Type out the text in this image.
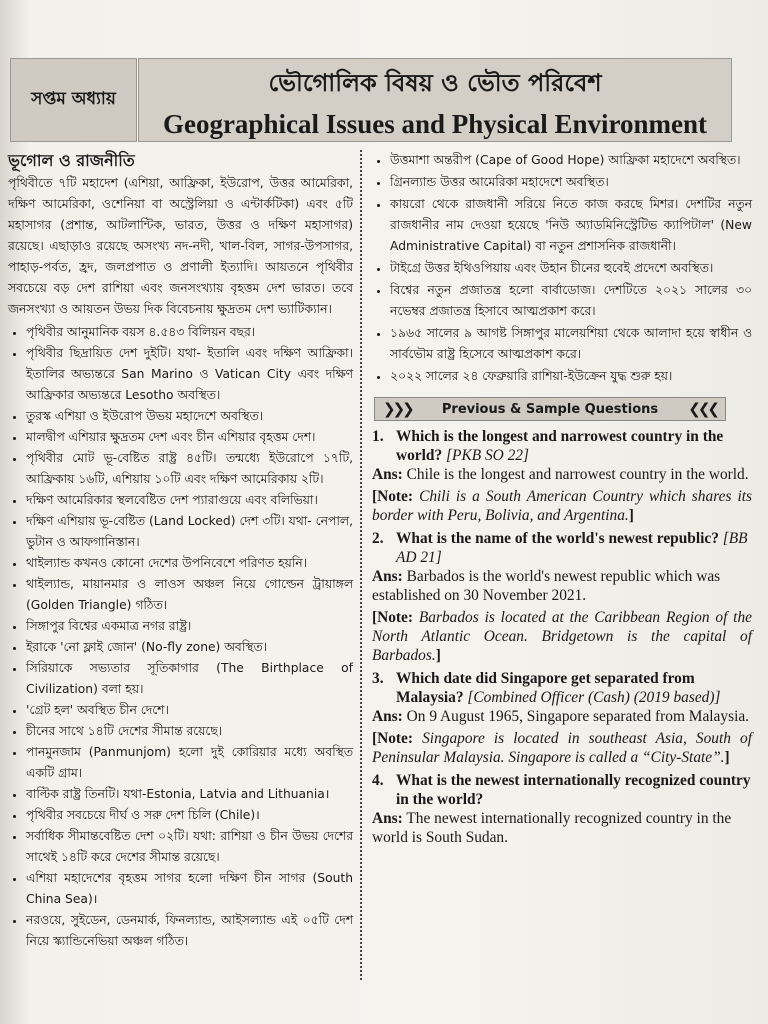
সপ্তম অধ্যায়
ভৌগোলিক বিষয় ও ভৌত পরিবেশ
Geographical Issues and Physical Environment
ভূগোল ও রাজনীতি

পৃথিবীতে ৭টি মহাদেশ (এশিয়া, আফ্রিকা, ইউরোপ, উত্তর আমেরিকা, দক্ষিণ আমেরিকা, ওশেনিয়া বা অস্ট্রেলিয়া ও এন্টার্কটিকা) এবং ৫টি মহাসাগর (প্রশান্ত, আটলান্টিক, ভারত, উত্তর ও দক্ষিণ মহাসাগর) রয়েছে। এছাড়াও রয়েছে অসংখ্য নদ-নদী, খাল-বিল, সাগর-উপসাগর, পাহাড়-পর্বত, হ্রদ, জলপ্রপাত ও প্রণালী ইত্যাদি। আয়তনে পৃথিবীর সবচেয়ে বড় দেশ রাশিয়া এবং জনসংখ্যায় বৃহত্তম দেশ ভারত। তবে জনসংখ্যা ও আয়তন উভয় দিক বিবেচনায় ক্ষুদ্রতম দেশ ভ্যাটিক্যান।

• পৃথিবীর আনুমানিক বয়স ৪.৫৪৩ বিলিয়ন বছর।
• পৃথিবীর ছিদ্রায়িত দেশ দুইটি। যথা- ইতালি এবং দক্ষিণ আফ্রিকা। ইতালির অভ্যন্তরে San Marino ও Vatican City এবং দক্ষিণ আফ্রিকার অভ্যন্তরে Lesotho অবস্থিত।
• তুরস্ক এশিয়া ও ইউরোপ উভয় মহাদেশে অবস্থিত।
• মালদ্বীপ এশিয়ার ক্ষুদ্রতম দেশ এবং চীন এশিয়ার বৃহত্তম দেশ।
• পৃথিবীর মোট ভূ-বেষ্টিত রাষ্ট্র ৪৫টি। তন্মধ্যে ইউরোপে ১৭টি, আফ্রিকায় ১৬টি, এশিয়ায় ১০টি এবং দক্ষিণ আমেরিকায় ২টি।
• দক্ষিণ আমেরিকার স্থলবেষ্টিত দেশ প্যারাগুয়ে এবং বলিভিয়া।
• দক্ষিণ এশিয়ায় ভূ-বেষ্টিত (Land Locked) দেশ ৩টি। যথা- নেপাল, ভুটান ও আফগানিস্তান।
• থাইল্যান্ড কখনও কোনো দেশের উপনিবেশে পরিণত হয়নি।
• থাইল্যান্ড, মায়ানমার ও লাওস অঞ্চল নিয়ে গোল্ডেন ট্রায়াঙ্গল (Golden Triangle) গঠিত।
• সিঙ্গাপুর বিশ্বের একমাত্র নগর রাষ্ট্র।
• ইরাকে 'নো ফ্লাই জোন' (No-fly zone) অবস্থিত।
• সিরিয়াকে সভ্যতার সূতিকাগার (The Birthplace of Civilization) বলা হয়।
• 'গ্রেট হল' অবস্থিত চীন দেশে।
• চীনের সাথে ১৪টি দেশের সীমান্ত রয়েছে।
• পানমুনজাম (Panmunjom) হলো দুই কোরিয়ার মধ্যে অবস্থিত একটি গ্রাম।
• বাল্টিক রাষ্ট্র তিনটি। যথা-Estonia, Latvia and Lithuania।
• পৃথিবীর সবচেয়ে দীর্ঘ ও সরু দেশ চিলি (Chile)।
• সর্বাধিক সীমান্তবেষ্টিত দেশ ০২টি। যথা: রাশিয়া ও চীন উভয় দেশের সাথেই ১৪টি করে দেশের সীমান্ত রয়েছে।
• এশিয়া মহাদেশের বৃহত্তম সাগর হলো দক্ষিণ চীন সাগর (South China Sea)।
• নরওয়ে, সুইডেন, ডেনমার্ক, ফিনল্যান্ড, আইসল্যান্ড এই ০৫টি দেশ নিয়ে স্ক্যান্ডিনেভিয়া অঞ্চল গঠিত।
• উত্তমাশা অন্তরীপ (Cape of Good Hope) আফ্রিকা মহাদেশে অবস্থিত।
• গ্রিনল্যান্ড উত্তর আমেরিকা মহাদেশে অবস্থিত।
• কায়রো থেকে রাজধানী সরিয়ে নিতে কাজ করছে মিশর। দেশটির নতুন রাজধানীর নাম দেওয়া হয়েছে 'নিউ অ্যাডমিনিস্ট্রেটিভ ক্যাপিটাল' (New Administrative Capital) বা নতুন প্রশাসনিক রাজধানী।
• টাইগ্রে উত্তর ইথিওপিয়ায় এবং উহান চীনের হুবেই প্রদেশে অবস্থিত।
• বিশ্বের নতুন প্রজাতন্ত্র হলো বার্বাডোজ। দেশটিতে ২০২১ সালের ৩০ নভেম্বর প্রজাতন্ত্র হিসাবে আত্মপ্রকাশ করে।
• ১৯৬৫ সালের ৯ আগষ্ট সিঙ্গাপুর মালেয়শিয়া থেকে আলাদা হয়ে স্বাধীন ও সার্বভৌম রাষ্ট্র হিসেবে আত্মপ্রকাশ করে।
• ২০২২ সালের ২৪ ফেব্রুয়ারি রাশিয়া-ইউক্রেন যুদ্ধ শুরু হয়।
❯❯❯ Previous & Sample Questions ❮❮❮
1. Which is the longest and narrowest country in the world? [PKB SO 22]

Ans: Chile is the longest and narrowest country in the world.

[Note: Chili is a South American Country which shares its border with Peru, Bolivia, and Argentina.]

2. What is the name of the world's newest republic? [BB AD 21]

Ans: Barbados is the world's newest republic which was established on 30 November 2021.

[Note: Barbados is located at the Caribbean Region of the North Atlantic Ocean. Bridgetown is the capital of Barbados.]

3. Which date did Singapore get separated from Malaysia? [Combined Officer (Cash) (2019 based)]

Ans: On 9 August 1965, Singapore separated from Malaysia.

[Note: Singapore is located in southeast Asia, South of Peninsular Malaysia. Singapore is called a “City-State”.]

4. What is the newest internationally recognized country in the world?

Ans: The newest internationally recognized country in the world is South Sudan.
